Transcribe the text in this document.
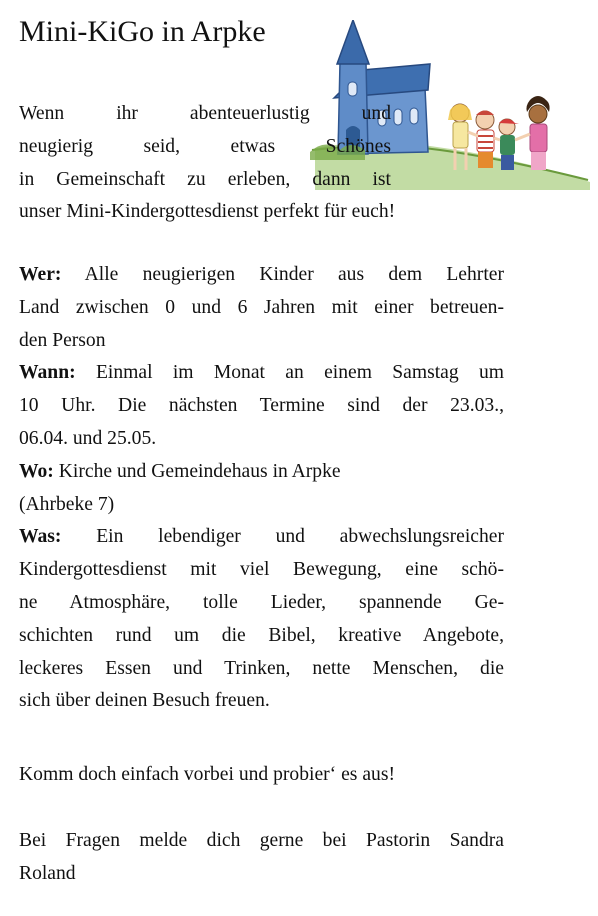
Mini-KiGo in Arpke
Wenn ihr abenteuerlustig und
neugierig seid, etwas Schönes
in Gemeinschaft zu erleben, dann ist
unser Mini-Kindergottesdienst perfekt für euch!
Wer: Alle neugierigen Kinder aus dem Lehrter
Land zwischen 0 und 6 Jahren mit einer betreuen-
den Person
Wann: Einmal im Monat an einem Samstag um
10 Uhr. Die nächsten Termine sind der 23.03.,
06.04. und 25.05.
Wo: Kirche und Gemeindehaus in Arpke
(Ahrbeke 7)
Was: Ein lebendiger und abwechslungsreicher
Kindergottesdienst mit viel Bewegung, eine schö-
ne Atmosphäre, tolle Lieder, spannende Ge-
schichten rund um die Bibel, kreative Angebote,
leckeres Essen und Trinken, nette Menschen, die
sich über deinen Besuch freuen.
Komm doch einfach vorbei und probier‘ es aus!
Bei Fragen melde dich gerne bei Pastorin Sandra
Roland
